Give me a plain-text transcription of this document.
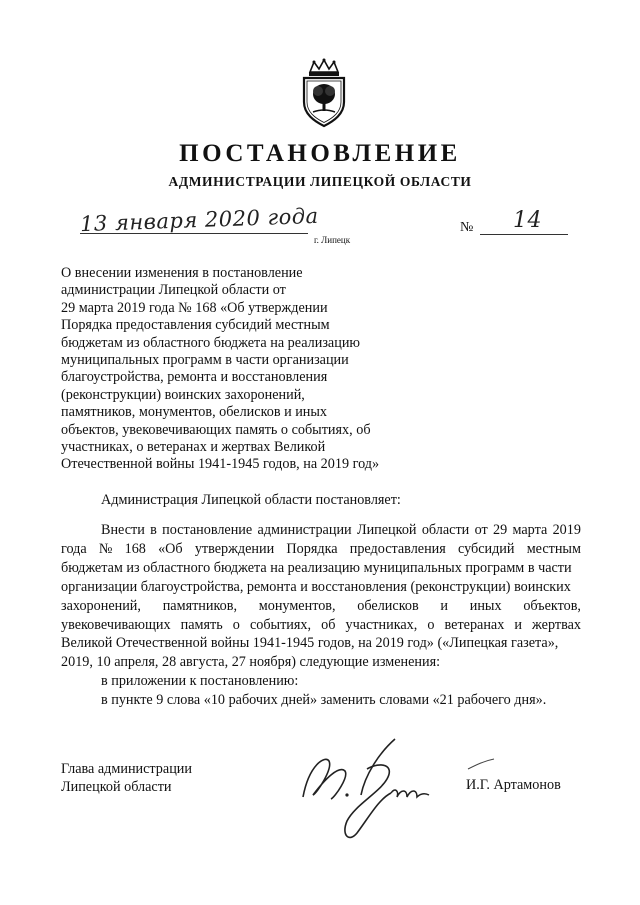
ПОСТАНОВЛЕНИЕ
АДМИНИСТРАЦИИ ЛИПЕЦКОЙ ОБЛАСТИ
13 января 2020 года
г. Липецк
№ 14
О внесении изменения в постановление
администрации Липецкой области от
29 марта 2019 года № 168 «Об утверждении
Порядка предоставления субсидий местным
бюджетам из областного бюджета на реализацию
муниципальных программ в части организации
благоустройства, ремонта и восстановления
(реконструкции) воинских захоронений,
памятников, монументов, обелисков и иных
объектов, увековечивающих память о событиях, об
участниках, о ветеранах и жертвах Великой
Отечественной войны 1941-1945 годов, на 2019 год»
Администрация Липецкой области постановляет:
Внести в постановление администрации Липецкой области от 29 марта 2019
года № 168 «Об утверждении Порядка предоставления субсидий местным
бюджетам из областного бюджета на реализацию муниципальных программ в части
организации благоустройства, ремонта и восстановления (реконструкции) воинских
захоронений, памятников, монументов, обелисков и иных объектов,
увековечивающих память о событиях, об участниках, о ветеранах и жертвах
Великой Отечественной войны 1941-1945 годов, на 2019 год» («Липецкая газета»,
2019, 10 апреля, 28 августа, 27 ноября) следующие изменения:
в приложении к постановлению:
в пункте 9 слова «10 рабочих дней» заменить словами «21 рабочего дня».
Глава администрации
Липецкой области	И.Г. Артамонов
